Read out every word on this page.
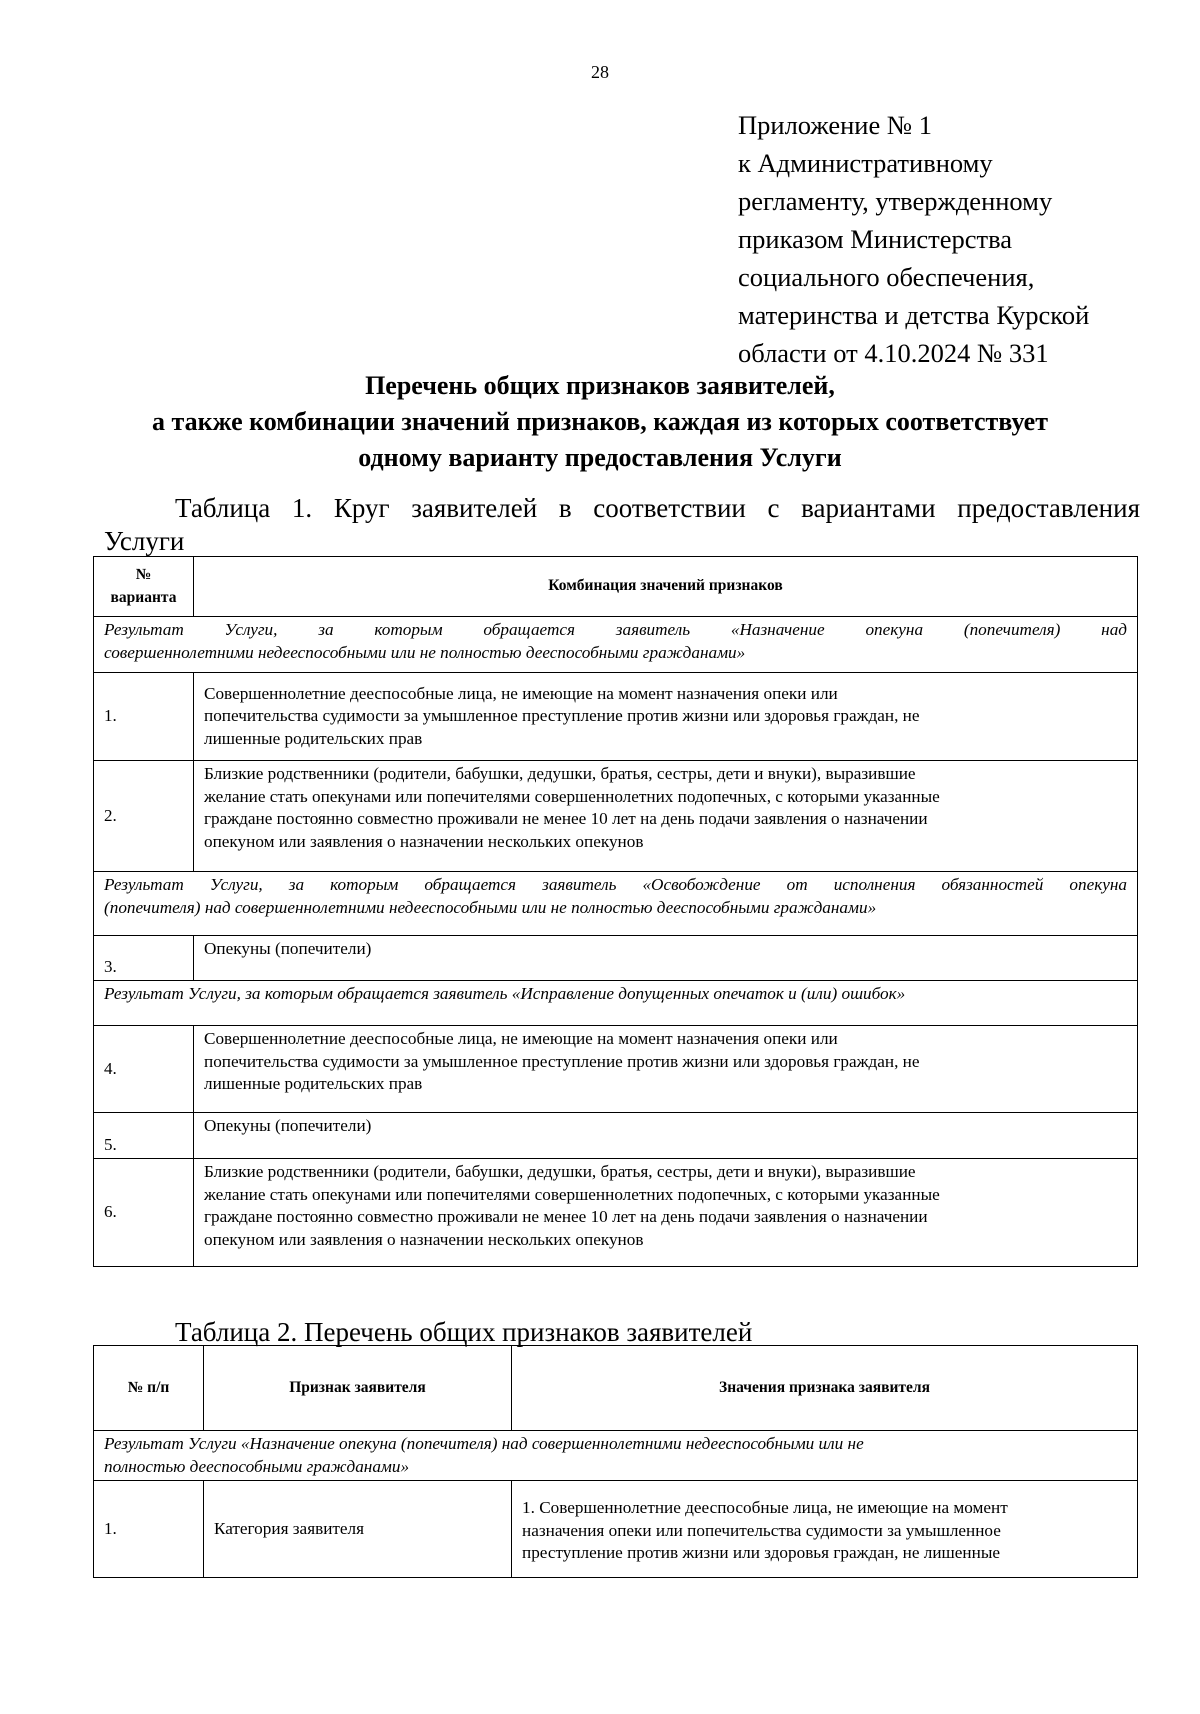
28
Приложение № 1
к Административному
регламенту, утвержденному
приказом Министерства
социального обеспечения,
материнства и детства Курской
области от 4.10.2024 № 331
Перечень общих признаков заявителей,
а также комбинации значений признаков, каждая из которых соответствует
одному варианту предоставления Услуги
Таблица 1. Круг заявителей в соответствии с вариантами предоставления
Услуги
№
варианта	Комбинация значений признаков

Результат Услуги, за которым обращается заявитель «Назначение опекуна (попечителя) над
совершеннолетними недееспособными или не полностью дееспособными гражданами»	

1.	Совершеннолетние дееспособные лица, не имеющие на момент назначения опеки или
попечительства судимости за умышленное преступление против жизни или здоровья граждан, не
лишенные родительских прав

2.	Близкие родственники (родители, бабушки, дедушки, братья, сестры, дети и внуки), выразившие
желание стать опекунами или попечителями совершеннолетних подопечных, с которыми указанные
граждане постоянно совместно проживали не менее 10 лет на день подачи заявления о назначении
опекуном или заявления о назначении нескольких опекунов

Результат Услуги, за которым обращается заявитель «Освобождение от исполнения обязанностей опекуна
(попечителя) над совершеннолетними недееспособными или не полностью дееспособными гражданами»	

3.	Опекуны (попечители)

Результат Услуги, за которым обращается заявитель «Исправление допущенных опечаток и (или) ошибок»	

4.	Совершеннолетние дееспособные лица, не имеющие на момент назначения опеки или
попечительства судимости за умышленное преступление против жизни или здоровья граждан, не
лишенные родительских прав

5.	Опекуны (попечители)

6.	Близкие родственники (родители, бабушки, дедушки, братья, сестры, дети и внуки), выразившие
желание стать опекунами или попечителями совершеннолетних подопечных, с которыми указанные
граждане постоянно совместно проживали не менее 10 лет на день подачи заявления о назначении
опекуном или заявления о назначении нескольких опекунов
Таблица 2. Перечень общих признаков заявителей
№ п/п	Признак заявителя	Значения признака заявителя

Результат Услуги «Назначение опекуна (попечителя) над совершеннолетними недееспособными или не
полностью дееспособными гражданами»		

1.	Категория заявителя	1. Совершеннолетние дееспособные лица, не имеющие на момент
назначения опеки или попечительства судимости за умышленное
преступление против жизни или здоровья граждан, не лишенные
